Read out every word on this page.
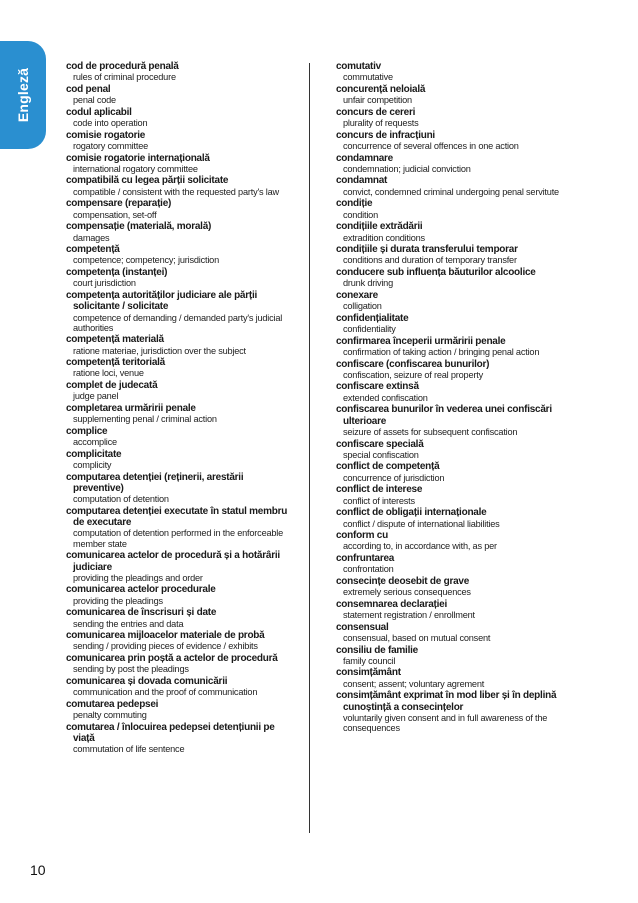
Engleză
cod de procedură penală
rules of criminal procedure
cod penal
penal code
codul aplicabil
code into operation
comisie rogatorie
rogatory committee
comisie rogatorie internațională
international rogatory committee
compatibilă cu legea părții solicitate
compatible / consistent with the requested party's law
compensare (reparație)
compensation, set-off
compensație (materială, morală)
damages
competență
competence; competency; jurisdiction
competența (instanței)
court jurisdiction
competența autorităților judiciare ale părții solicitante / solicitate
competence of demanding / demanded party's judicial authorities
competență materială
ratione materiae, jurisdiction over the subject
competență teritorială
ratione loci, venue
complet de judecată
judge panel
completarea urmăririi penale
supplementing penal / criminal action
complice
accomplice
complicitate
complicity
computarea detenției (reținerii, arestării preventive)
computation of detention
computarea detenției executate în statul membru de executare
computation of detention performed in the enforceable member state
comunicarea actelor de procedură și a hotărârii judiciare
providing the pleadings and order
comunicarea actelor procedurale
providing the pleadings
comunicarea de înscrisuri și date
sending the entries and data
comunicarea mijloacelor materiale de probă
sending / providing pieces of evidence / exhibits
comunicarea prin poștă a actelor de procedură
sending by post the pleadings
comunicarea și dovada comunicării
communication and the proof of communication
comutarea pedepsei
penalty commuting
comutarea / înlocuirea pedepsei detențiunii pe viață
commutation of life sentence
comutativ
commutative
concurență neloială
unfair competition
concurs de cereri
plurality of requests
concurs de infracțiuni
concurrence of several offences in one action
condamnare
condemnation; judicial conviction
condamnat
convict, condemned criminal undergoing penal servitute
condiție
condition
condițiile extrădării
extradition conditions
condițiile și durata transferului temporar
conditions and duration of temporary transfer
conducere sub influența băuturilor alcoolice
drunk driving
conexare
colligation
confidențialitate
confidentiality
confirmarea începerii urmăririi penale
confirmation of taking action / bringing penal action
confiscare (confiscarea bunurilor)
confiscation, seizure of real property
confiscare extinsă
extended confiscation
confiscarea bunurilor în vederea unei confiscări ulterioare
seizure of assets for subsequent confiscation
confiscare specială
special confiscation
conflict de competență
concurrence of jurisdiction
conflict de interese
conflict of interests
conflict de obligații internaționale
conflict / dispute of international liabilities
conform cu
according to, in accordance with, as per
confruntarea
confrontation
consecințe deosebit de grave
extremely serious consequences
consemnarea declarației
statement registration / enrollment
consensual
consensual, based on mutual consent
consiliu de familie
family council
consimțământ
consent; assent; voluntary agrement
consimțământ exprimat în mod liber și în deplină cunoștință a consecințelor
voluntarily given consent and in full awareness of the consequences
10
